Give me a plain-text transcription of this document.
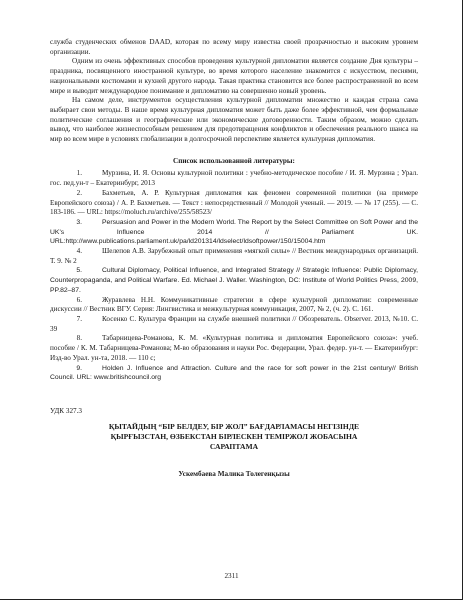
служба студенческих обменов DAAD, которая по всему миру известна своей прозрачностью и высоким уровнем организации.

Одним из очень эффективных способов проведения культурной дипломатии является создание Дня культуры – праздника, посвященного иностранной культуре, во время которого население знакомится с искусством, песнями, национальными костюмами и кухней другого народа. Такая практика становится все более распространенной во всем мире и выводит международное понимание и дипломатию на совершенно новый уровень.

На самом деле, инструментов осуществления культурной дипломатии множество и каждая страна сама выбирает свои методы. В наше время культурная дипломатия может быть даже более эффективной, чем формальные политические соглашения и географические или экономические договоренности. Таким образом, можно сделать вывод, что наиболее жизнеспособным решением для предотвращения конфликтов и обеспечения реального шанса на мир во всем мире в условиях глобализации в долгосрочной перспективе является культурная дипломатия.

Список использованной литературы:

1.	Мурзина, И. Я. Основы культурной политики : учебно-методическое пособие / И. Я. Мурзина ; Урал. гос. пед.ун-т – Екатеринбург, 2013

2.	Бахметьев, А. Р. Культурная дипломатия как феномен современной политики (на примере Европейского союза) / А. Р. Бахметьев. — Текст : непосредственный // Молодой ученый. — 2019. — № 17 (255). — С. 183-186. — URL: https://moluch.ru/archive/255/58523/

3.	Persuasion and Power in the Modern World. The Report by the Select Committee on Soft Power and the UK's Influence 2014 // Parliament UK. URL:http://www.publications.parliament.uk/pa/ld201314/ldselect/ldsoftpower/150/15004.htm

4.	Шелепов А.В. Зарубежный опыт применения «мягкой силы» // Вестник международных организаций. Т. 9. № 2

5.	Cultural Diplomacy, Political Influence, and Integrated Strategy // Strategic Influence: Public Diplomacy, Counterpropaganda, and Political Warfare. Ed. Michael J. Waller. Washington, DC: Institute of World Politics Press, 2009, PP.82–87.

6.	Журавлева Н.Н. Коммуникативные стратегии в сфере культурной дипломатии: современные дискуссии // Вестник ВГУ. Серия: Лингвистика и межкультурная коммуникация, 2007, № 2, (ч. 2). С. 161.

7.	Косенко С. Культура Франции на службе внешней политики // Обозреватель. Observer. 2013, №10. С. 39

8.	Табарницева-Романова, К. М. «Культурная политика и дипломатия Европейского союза»: учеб. пособие / К. М. Табарницева-Романова; М-во образования и науки Рос. Федерации, Урал. федер. ун-т. — Екатеринбург: Изд-во Урал. ун-та, 2018. — 110 с;

9.	Holden J. Influence and Attraction. Culture and the race for soft power in the 21st century// British Council. URL: www.britishcouncil.org

УДК 327.3

ҚЫТАЙДЫҢ “БІР БЕЛДЕУ, БІР ЖОЛ” БАҒДАРЛАМАСЫ НЕГІЗІНДЕ
ҚЫРҒЫЗСТАН, ӨЗБЕКСТАН БІРЛЕСКЕН ТЕМІРЖОЛ ЖОБАСЫНА
САРАПТАМА

Ускембаева Малика Толегенқызы

2311
